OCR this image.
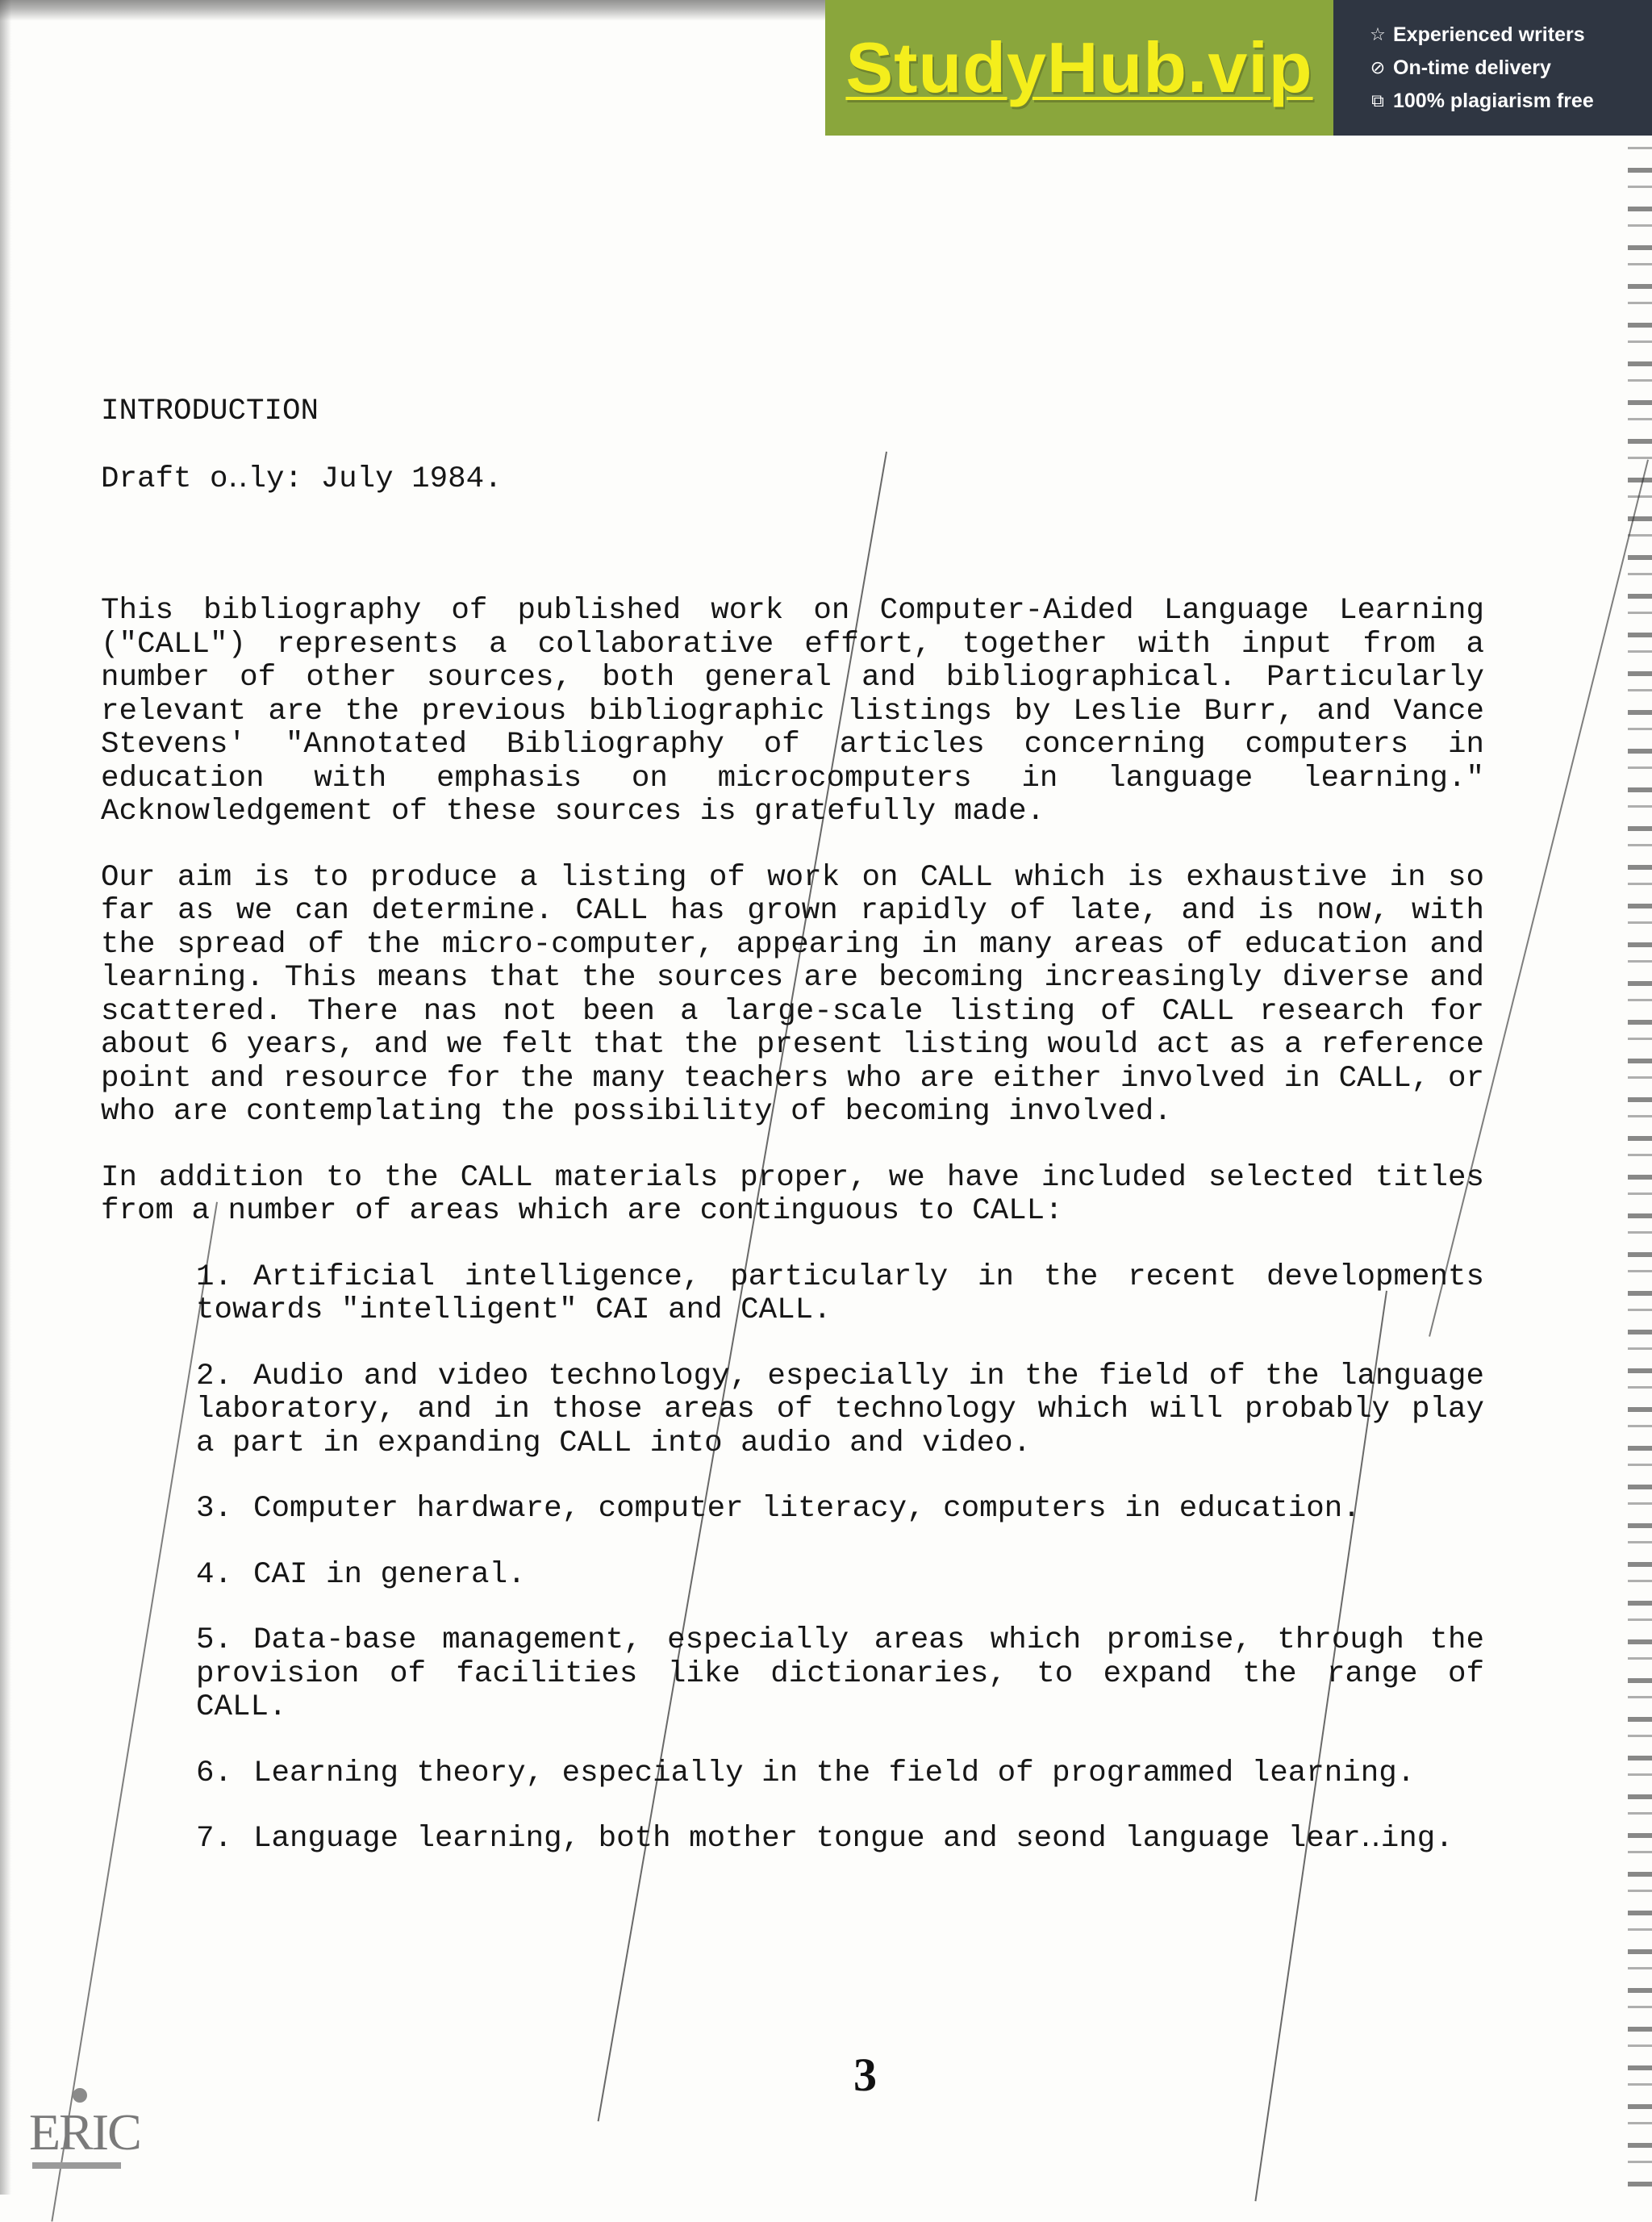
StudyHub.vip	☆ Experienced writers
⊘ On-time delivery
⧉ 100% plagiarism free

INTRODUCTION

Draft o‥ly: July 1984.

This bibliography of published work on Computer-Aided Language Learning ("CALL") represents a collaborative effort, together with input from a number of other sources, both general and bibliographical. Particularly relevant are the previous bibliographic listings by Leslie Burr, and Vance Stevens' "Annotated Bibliography of articles concerning computers in education with emphasis on microcomputers in language learning." Acknowledgement of these sources is gratefully made.

Our aim is to produce a listing of work on CALL which is exhaustive in so far as we can determine. CALL has grown rapidly of late, and is now, with the spread of the micro-computer, appearing in many areas of education and learning. This means that the sources are becoming increasingly diverse and scattered. There nas not been a large-scale listing of CALL research for about 6 years, and we felt that the present listing would act as a reference point and resource for the many teachers who are either involved in CALL, or who are contemplating the possibility of becoming involved.

In addition to the CALL materials proper, we have included selected titles from a number of areas which are continguous to CALL:

1. Artificial intelligence, particularly in the recent developments towards "intelligent" CAI and CALL.
2. Audio and video technology, especially in the field of the language laboratory, and in those areas of technology which will probably play a part in expanding CALL into audio and video.
3. Computer hardware, computer literacy, computers in education.
4. CAI in general.
5. Data-base management, especially areas which promise, through the provision of facilities like dictionaries, to expand the range of CALL.
6. Learning theory, especially in the field of programmed learning.
7. Language learning, both mother tongue and seond language lear‥ing.
3
ERIC
